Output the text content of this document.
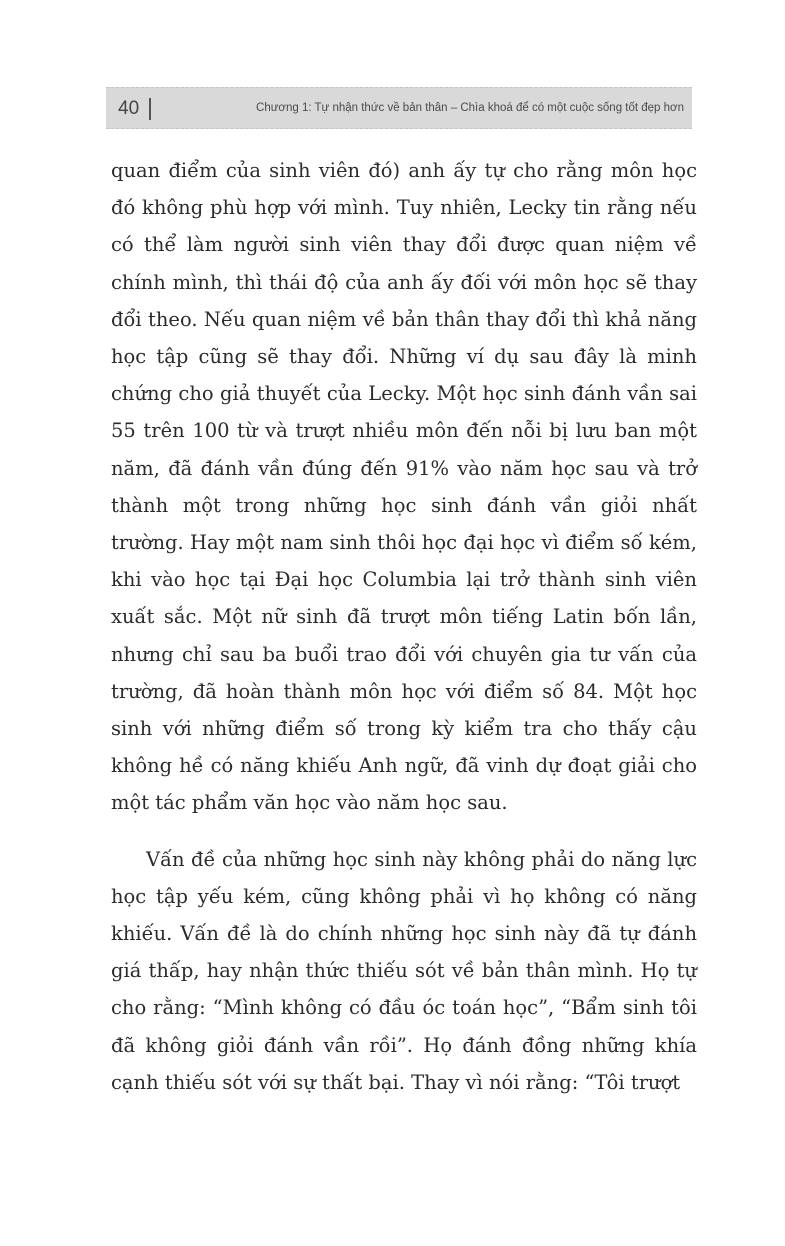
40	Chương 1: Tự nhận thức về bản thân – Chìa khoá để có một cuộc sống tốt đẹp hơn

quan điểm của sinh viên đó) anh ấy tự cho rằng môn học đó không phù hợp với mình. Tuy nhiên, Lecky tin rằng nếu có thể làm người sinh viên thay đổi được quan niệm về chính mình, thì thái độ của anh ấy đối với môn học sẽ thay đổi theo. Nếu quan niệm về bản thân thay đổi thì khả năng học tập cũng sẽ thay đổi. Những ví dụ sau đây là minh chứng cho giả thuyết của Lecky. Một học sinh đánh vần sai 55 trên 100 từ và trượt nhiều môn đến nỗi bị lưu ban một năm, đã đánh vần đúng đến 91% vào năm học sau và trở thành một trong những học sinh đánh vần giỏi nhất trường. Hay một nam sinh thôi học đại học vì điểm số kém, khi vào học tại Đại học Columbia lại trở thành sinh viên xuất sắc. Một nữ sinh đã trượt môn tiếng Latin bốn lần, nhưng chỉ sau ba buổi trao đổi với chuyên gia tư vấn của trường, đã hoàn thành môn học với điểm số 84. Một học sinh với những điểm số trong kỳ kiểm tra cho thấy cậu không hề có năng khiếu Anh ngữ, đã vinh dự đoạt giải cho một tác phẩm văn học vào năm học sau.

Vấn đề của những học sinh này không phải do năng lực học tập yếu kém, cũng không phải vì họ không có năng khiếu. Vấn đề là do chính những học sinh này đã tự đánh giá thấp, hay nhận thức thiếu sót về bản thân mình. Họ tự cho rằng: “Mình không có đầu óc toán học”, “Bẩm sinh tôi đã không giỏi đánh vần rồi”. Họ đánh đồng những khía cạnh thiếu sót với sự thất bại. Thay vì nói rằng: “Tôi trượt
